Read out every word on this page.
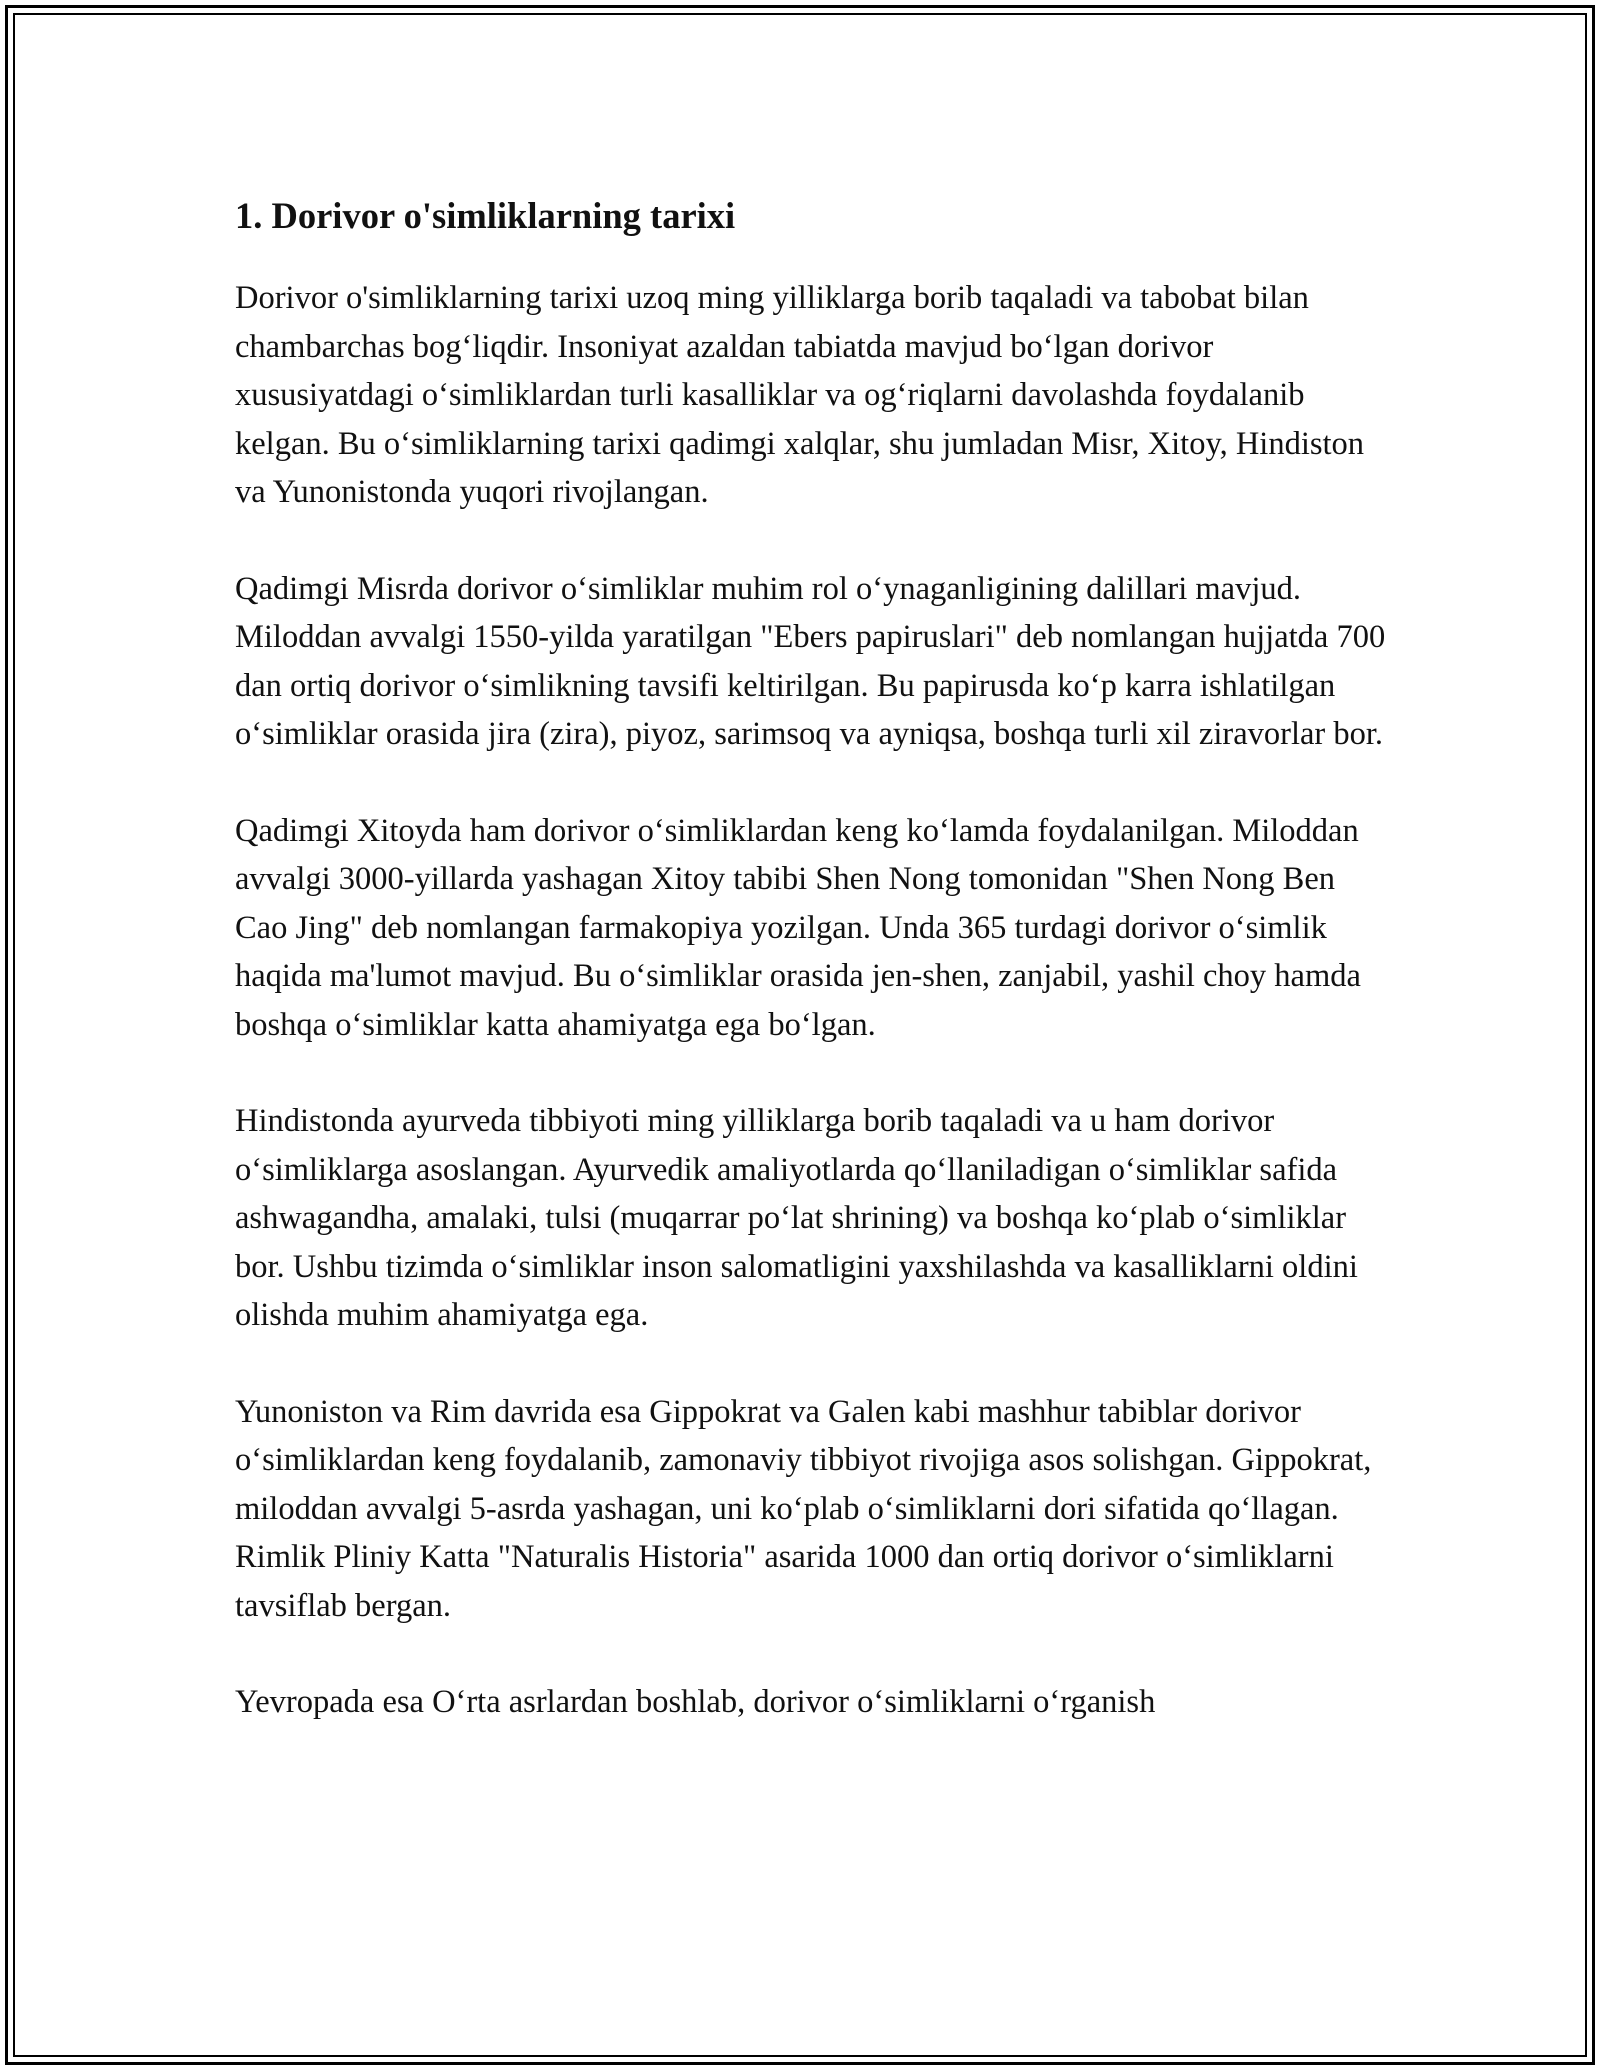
1. Dorivor o'simliklarning tarixi

Dorivor o'simliklarning tarixi uzoq ming yilliklarga borib taqaladi va tabobat bilan chambarchas bog‘liqdir. Insoniyat azaldan tabiatda mavjud bo‘lgan dorivor xususiyatdagi o‘simliklardan turli kasalliklar va og‘riqlarni davolashda foydalanib kelgan. Bu o‘simliklarning tarixi qadimgi xalqlar, shu jumladan Misr, Xitoy, Hindiston va Yunonistonda yuqori rivojlangan.

Qadimgi Misrda dorivor o‘simliklar muhim rol o‘ynaganligining dalillari mavjud. Miloddan avvalgi 1550-yilda yaratilgan "Ebers papiruslari" deb nomlangan hujjatda 700 dan ortiq dorivor o‘simlikning tavsifi keltirilgan. Bu papirusda ko‘p karra ishlatilgan o‘simliklar orasida jira (zira), piyoz, sarimsoq va ayniqsa, boshqa turli xil ziravorlar bor.

Qadimgi Xitoyda ham dorivor o‘simliklardan keng ko‘lamda foydalanilgan. Miloddan avvalgi 3000-yillarda yashagan Xitoy tabibi Shen Nong tomonidan "Shen Nong Ben Cao Jing" deb nomlangan farmakopiya yozilgan. Unda 365 turdagi dorivor o‘simlik haqida ma'lumot mavjud. Bu o‘simliklar orasida jen-shen, zanjabil, yashil choy hamda boshqa o‘simliklar katta ahamiyatga ega bo‘lgan.

Hindistonda ayurveda tibbiyoti ming yilliklarga borib taqaladi va u ham dorivor o‘simliklarga asoslangan. Ayurvedik amaliyotlarda qo‘llaniladigan o‘simliklar safida ashwagandha, amalaki, tulsi (muqarrar po‘lat shrining) va boshqa ko‘plab o‘simliklar bor. Ushbu tizimda o‘simliklar inson salomatligini yaxshilashda va kasalliklarni oldini olishda muhim ahamiyatga ega.

Yunoniston va Rim davrida esa Gippokrat va Galen kabi mashhur tabiblar dorivor o‘simliklardan keng foydalanib, zamonaviy tibbiyot rivojiga asos solishgan. Gippokrat, miloddan avvalgi 5-asrda yashagan, uni ko‘plab o‘simliklarni dori sifatida qo‘llagan. Rimlik Pliniy Katta "Naturalis Historia" asarida 1000 dan ortiq dorivor o‘simliklarni tavsiflab bergan.

Yevropada esa O‘rta asrlardan boshlab, dorivor o‘simliklarni o‘rganish
